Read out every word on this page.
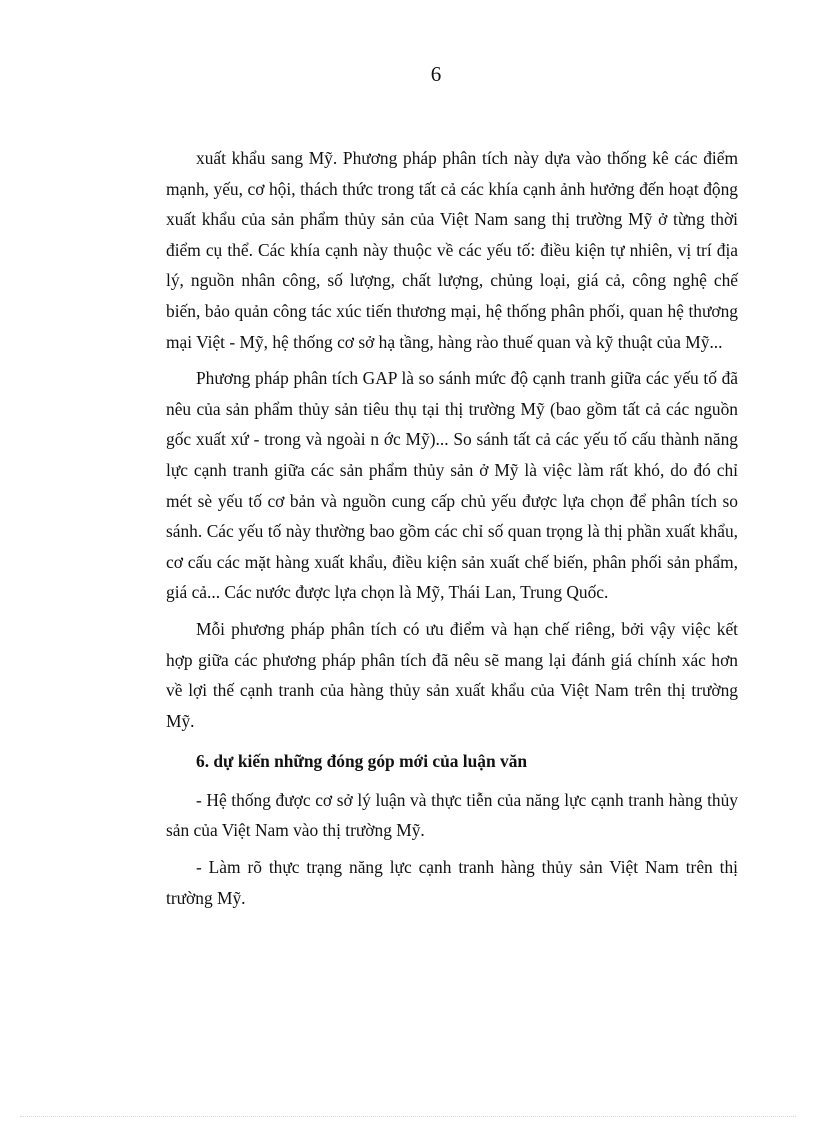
6

xuất khẩu sang Mỹ. Phương pháp phân tích này dựa vào thống kê các điểm mạnh, yếu, cơ hội, thách thức trong tất cả các khía cạnh ảnh hưởng đến hoạt động xuất khẩu của sản phẩm thủy sản của Việt Nam sang thị trường Mỹ ở từng thời điểm cụ thể. Các khía cạnh này thuộc về các yếu tố: điều kiện tự nhiên, vị trí địa lý, nguồn nhân công, số lượng, chất lượng, chủng loại, giá cả, công nghệ chế biến, bảo quản công tác xúc tiến thương mại, hệ thống phân phối, quan hệ thương mại Việt - Mỹ, hệ thống cơ sở hạ tầng, hàng rào thuế quan và kỹ thuật của Mỹ...

Phương pháp phân tích GAP là so sánh mức độ cạnh tranh giữa các yếu tố đã nêu của sản phẩm thủy sản tiêu thụ tại thị trường Mỹ (bao gồm tất cả các nguồn gốc xuất xứ - trong và ngoài n ớc Mỹ)... So sánh tất cả các yếu tố cấu thành năng lực cạnh tranh giữa các sản phẩm thủy sản ở Mỹ là việc làm rất khó, do đó chỉ mét sè yếu tố cơ bản và nguồn cung cấp chủ yếu được lựa chọn để phân tích so sánh. Các yếu tố này thường bao gồm các chỉ số quan trọng là thị phần xuất khẩu, cơ cấu các mặt hàng xuất khẩu, điều kiện sản xuất chế biến, phân phối sản phẩm, giá cả... Các nước được lựa chọn là Mỹ, Thái Lan, Trung Quốc.

Mỗi phương pháp phân tích có ưu điểm và hạn chế riêng, bởi vậy việc kết hợp giữa các phương pháp phân tích đã nêu sẽ mang lại đánh giá chính xác hơn về lợi thế cạnh tranh của hàng thủy sản xuất khẩu của Việt Nam trên thị trường Mỹ.

6. dự kiến những đóng góp mới của luận văn

- Hệ thống được cơ sở lý luận và thực tiễn của năng lực cạnh tranh hàng thủy sản của Việt Nam vào thị trường Mỹ.

- Làm rõ thực trạng năng lực cạnh tranh hàng thủy sản Việt Nam trên thị trường Mỹ.
